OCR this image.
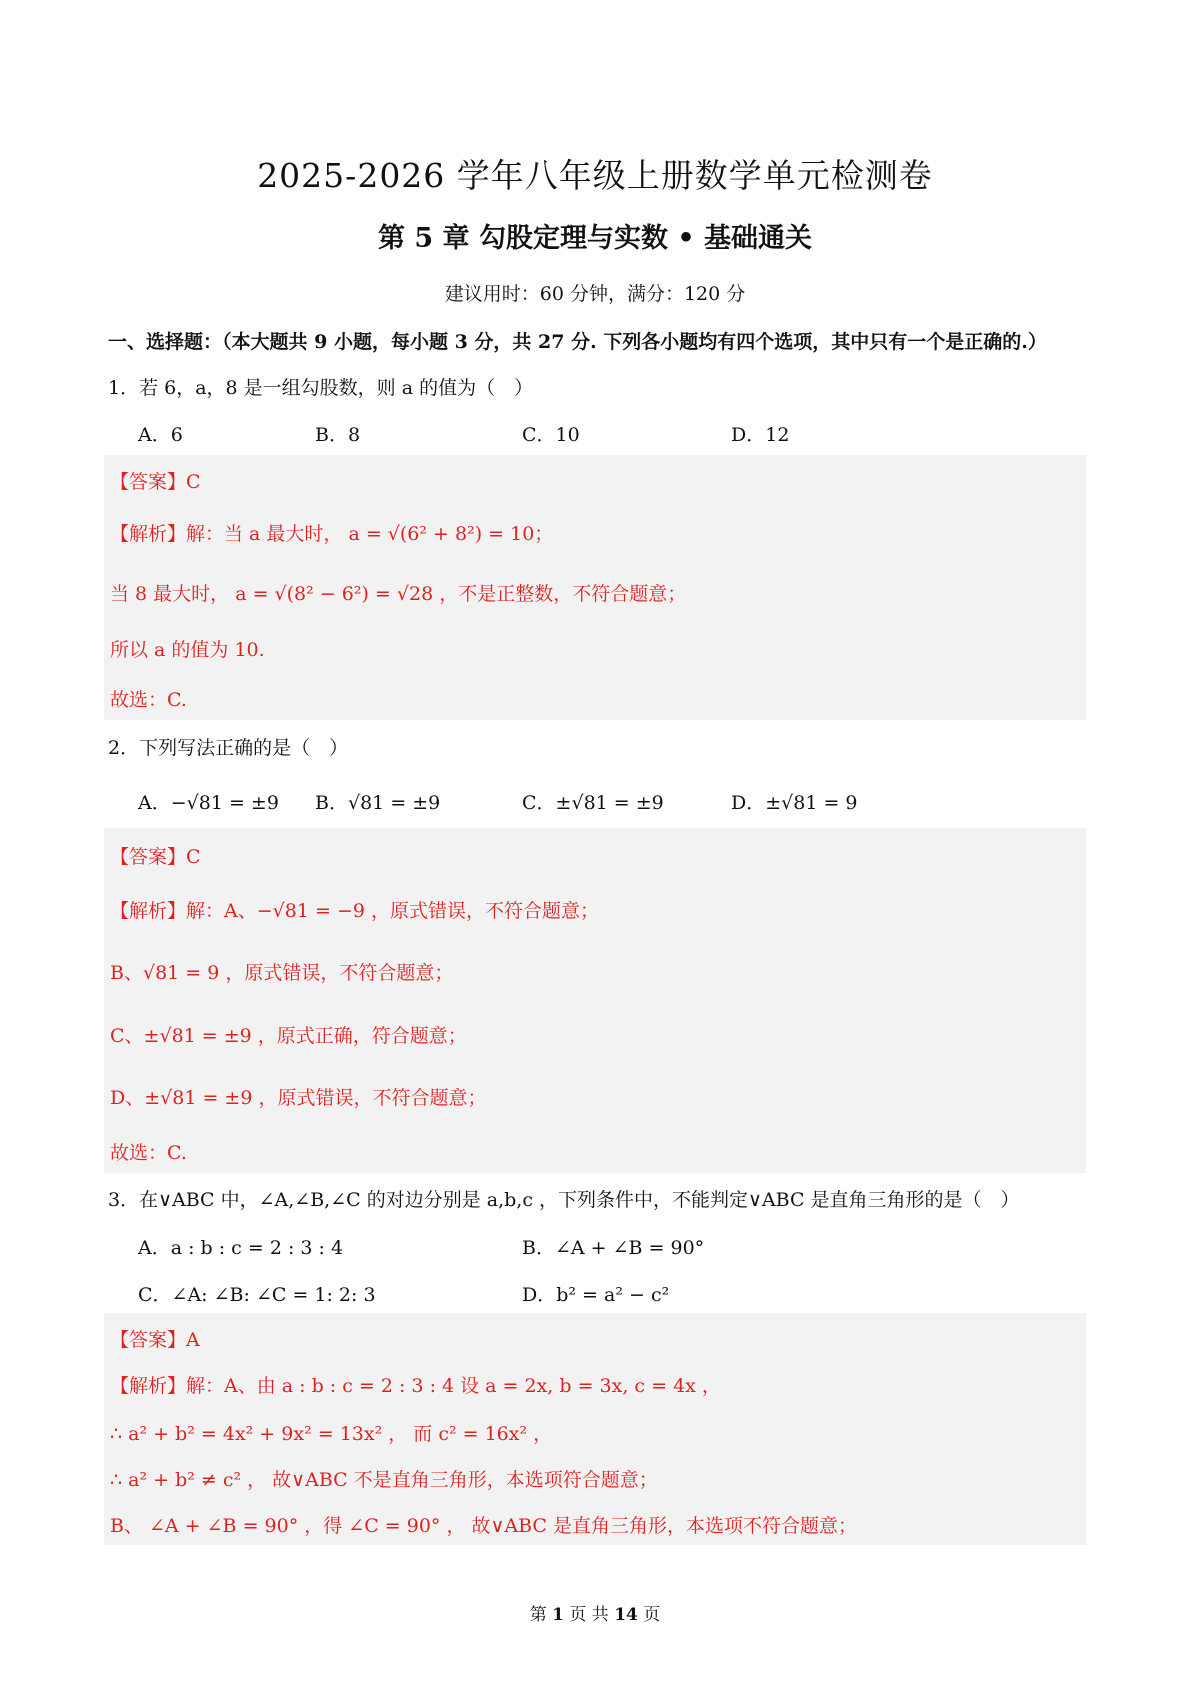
2025-2026 学年八年级上册数学单元检测卷
第 5 章 勾股定理与实数 • 基础通关
建议用时：60 分钟，满分：120 分
一、选择题：（本大题共 9 小题，每小题 3 分，共 27 分. 下列各小题均有四个选项，其中只有一个是正确的.）
1．若 6，a，8 是一组勾股数，则 a 的值为（　）
A．6	B．8	C．10	D．12
【答案】C
【解析】解：当 a 最大时， a = √(6² + 8²) = 10；
当 8 最大时， a = √(8² − 6²) = √28 ，不是正整数，不符合题意；
所以 a 的值为 10.
故选：C.
2．下列写法正确的是（　）
A．−√81 = ±9 B．√81 = ±9	C．±√81 = ±9	D．±√81 = 9
【答案】C
【解析】解：A、−√81 = −9 ，原式错误，不符合题意；
B、√81 = 9 ，原式错误，不符合题意；
C、±√81 = ±9 ，原式正确，符合题意；
D、±√81 = ±9 ，原式错误，不符合题意；
故选：C.
3．在∨ABC 中，∠A,∠B,∠C 的对边分别是 a,b,c ，下列条件中，不能判定∨ABC 是直角三角形的是（　）
A．a : b : c = 2 : 3 : 4	B．∠A + ∠B = 90°
C．∠A: ∠B: ∠C = 1: 2: 3	D．b² = a² − c²
【答案】A
【解析】解：A、由 a : b : c = 2 : 3 : 4 设 a = 2x, b = 3x, c = 4x ，
∴ a² + b² = 4x² + 9x² = 13x² ， 而 c² = 16x² ，
∴ a² + b² ≠ c² ， 故∨ABC 不是直角三角形，本选项符合题意；
B、 ∠A + ∠B = 90° ，得 ∠C = 90° ， 故∨ABC 是直角三角形，本选项不符合题意；
第 1 页 共 14 页
